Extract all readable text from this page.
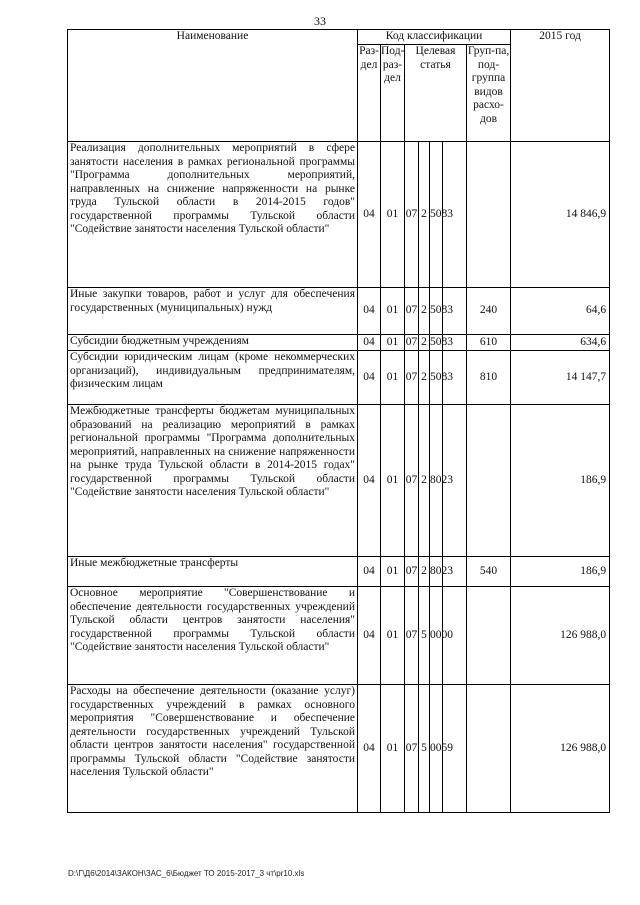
33
Наименование	Код классификации							2015 год
	Раз-дел	Под-раз-дел	Целевая статья				Груп-па, под-группа видов расхо-дов	
Реализация дополнительных мероприятий в сфере занятости населения в рамках региональной программы "Программа дополнительных мероприятий, направленных на снижение напряженности на рынке труда Тульской области в 2014-2015 годов" государственной программы Тульской области "Содействие занятости населения Тульской области"	04	01	07	2	5083			14 846,9
Иные закупки товаров, работ и услуг для обеспечения государственных (муниципальных) нужд	04	01	07	2	5083		240	64,6
Субсидии бюджетным учреждениям	04	01	07	2	5083		610	634,6
Субсидии юридическим лицам (кроме некоммерческих организаций), индивидуальным предпринимателям, физическим лицам	04	01	07	2	5083		810	14 147,7
Межбюджетные трансферты бюджетам муниципальных образований на реализацию мероприятий в рамках региональной программы "Программа дополнительных мероприятий, направленных на снижение напряженности на рынке труда Тульской области в 2014-2015 годах" государственной программы Тульской области "Содействие занятости населения Тульской области"	04	01	07	2	8023			186,9
Иные межбюджетные трансферты	04	01	07	2	8023		540	186,9
Основное мероприятие "Совершенствование и обеспечение деятельности государственных учреждений Тульской области центров занятости населения" государственной программы Тульской области "Содействие занятости населения Тульской области"	04	01	07	5	0000			126 988,0
Расходы на обеспечение деятельности (оказание услуг) государственных учреждений в рамках основного мероприятия "Совершенствование и обеспечение деятельности государственных учреждений Тульской области центров занятости населения" государственной программы Тульской области "Содействие занятости населения Тульской области"	04	01	07	5	0059			126 988,0
D:\Г\Д6\2014\ЗАКОН\ЗАС_6\Бюджет ТО 2015-2017_3 чт\pr10.xls
